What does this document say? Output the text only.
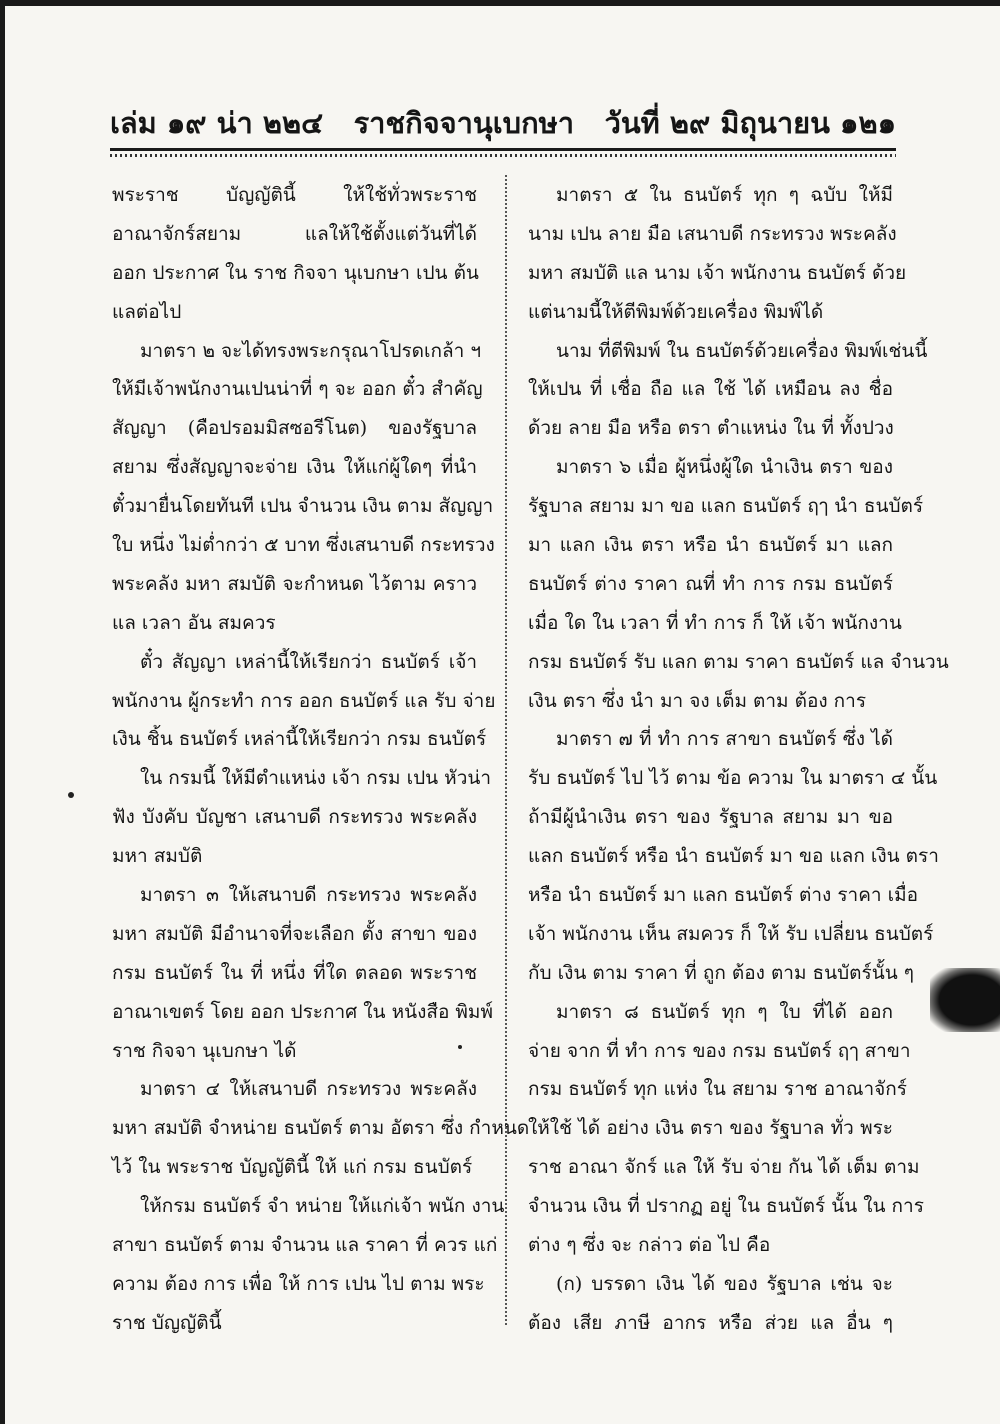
เล่ม ๑๙ น่า ๒๒๔ ราชกิจจานุเบกษา วันที่ ๒๙ มิถุนายน ๑๒๑

พระราช บัญญัตินี้ ให้ใช้ทั่วพระราช

อาณาจักร์สยาม แลให้ใช้ตั้งแต่วันที่ได้

ออก ประกาศ ใน ราช กิจจา นุเบกษา เปน ต้น

แลต่อไป

มาตรา ๒ จะได้ทรงพระกรุณาโปรดเกล้า ฯ

ให้มีเจ้าพนักงานเปนน่าที่ ๆ จะ ออก ตั๋ว สำคัญ

สัญญา (คือปรอมมิสซอรีโนต) ของรัฐบาล

สยาม ซึ่งสัญญาจะจ่าย เงิน ให้แก่ผู้ใดๆ ที่นำ

ตั๋วมายื่นโดยทันที เปน จำนวน เงิน ตาม สัญญา

ใบ หนึ่ง ไม่ต่ำกว่า ๕ บาท ซึ่งเสนาบดี กระทรวง

พระคลัง มหา สมบัติ จะกำหนด ไว้ตาม คราว

แล เวลา อัน สมควร

ตั๋ว สัญญา เหล่านี้ให้เรียกว่า ธนบัตร์ เจ้า

พนักงาน ผู้กระทำ การ ออก ธนบัตร์ แล รับ จ่าย

เงิน ชิ้น ธนบัตร์ เหล่านี้ให้เรียกว่า กรม ธนบัตร์

ใน กรมนี้ ให้มีตำแหน่ง เจ้า กรม เปน หัวน่า

ฟัง บังคับ บัญชา เสนาบดี กระทรวง พระคลัง

มหา สมบัติ

มาตรา ๓ ให้เสนาบดี กระทรวง พระคลัง

มหา สมบัติ มีอำนาจที่จะเลือก ตั้ง สาขา ของ

กรม ธนบัตร์ ใน ที่ หนึ่ง ที่ใด ตลอด พระราช

อาณาเขตร์ โดย ออก ประกาศ ใน หนังสือ พิมพ์

ราช กิจจา นุเบกษา ได้

มาตรา ๔ ให้เสนาบดี กระทรวง พระคลัง

มหา สมบัติ จำหน่าย ธนบัตร์ ตาม อัตรา ซึ่ง กำหนด

ไว้ ใน พระราช บัญญัตินี้ ให้ แก่ กรม ธนบัตร์

ให้กรม ธนบัตร์ จำ หน่าย ให้แก่เจ้า พนัก งาน

สาขา ธนบัตร์ ตาม จำนวน แล ราคา ที่ ควร แก่

ความ ต้อง การ เพื่อ ให้ การ เปน ไป ตาม พระ

ราช บัญญัตินี้

มาตรา ๕ ใน ธนบัตร์ ทุก ๆ ฉบับ ให้มี

นาม เปน ลาย มือ เสนาบดี กระทรวง พระคลัง

มหา สมบัติ แล นาม เจ้า พนักงาน ธนบัตร์ ด้วย

แต่นามนี้ให้ตีพิมพ์ด้วยเครื่อง พิมพ์ได้

นาม ที่ตีพิมพ์ ใน ธนบัตร์ด้วยเครื่อง พิมพ์เช่นนี้

ให้เปน ที่ เชื่อ ถือ แล ใช้ ได้ เหมือน ลง ชื่อ

ด้วย ลาย มือ หรือ ตรา ตำแหน่ง ใน ที่ ทั้งปวง

มาตรา ๖ เมื่อ ผู้หนึ่งผู้ใด นำเงิน ตรา ของ

รัฐบาล สยาม มา ขอ แลก ธนบัตร์ ฤๅ นำ ธนบัตร์

มา แลก เงิน ตรา หรือ นำ ธนบัตร์ มา แลก

ธนบัตร์ ต่าง ราคา ณที่ ทำ การ กรม ธนบัตร์

เมื่อ ใด ใน เวลา ที่ ทำ การ ก็ ให้ เจ้า พนักงาน

กรม ธนบัตร์ รับ แลก ตาม ราคา ธนบัตร์ แล จำนวน

เงิน ตรา ซึ่ง นำ มา จง เต็ม ตาม ต้อง การ

มาตรา ๗ ที่ ทำ การ สาขา ธนบัตร์ ซึ่ง ได้

รับ ธนบัตร์ ไป ไว้ ตาม ข้อ ความ ใน มาตรา ๔ นั้น

ถ้ามีผู้นำเงิน ตรา ของ รัฐบาล สยาม มา ขอ

แลก ธนบัตร์ หรือ นำ ธนบัตร์ มา ขอ แลก เงิน ตรา

หรือ นำ ธนบัตร์ มา แลก ธนบัตร์ ต่าง ราคา เมื่อ

เจ้า พนักงาน เห็น สมควร ก็ ให้ รับ เปลี่ยน ธนบัตร์

กับ เงิน ตาม ราคา ที่ ถูก ต้อง ตาม ธนบัตร์นั้น ๆ

มาตรา ๘ ธนบัตร์ ทุก ๆ ใบ ที่ได้ ออก

จ่าย จาก ที่ ทำ การ ของ กรม ธนบัตร์ ฤๅ สาขา

กรม ธนบัตร์ ทุก แห่ง ใน สยาม ราช อาณาจักร์

ให้ใช้ ได้ อย่าง เงิน ตรา ของ รัฐบาล ทั่ว พระ

ราช อาณา จักร์ แล ให้ รับ จ่าย กัน ได้ เต็ม ตาม

จำนวน เงิน ที่ ปรากฏ อยู่ ใน ธนบัตร์ นั้น ใน การ

ต่าง ๆ ซึ่ง จะ กล่าว ต่อ ไป คือ

(ก) บรรดา เงิน ได้ ของ รัฐบาล เช่น จะ

ต้อง เสีย ภาษี อากร หรือ ส่วย แล อื่น ๆ
